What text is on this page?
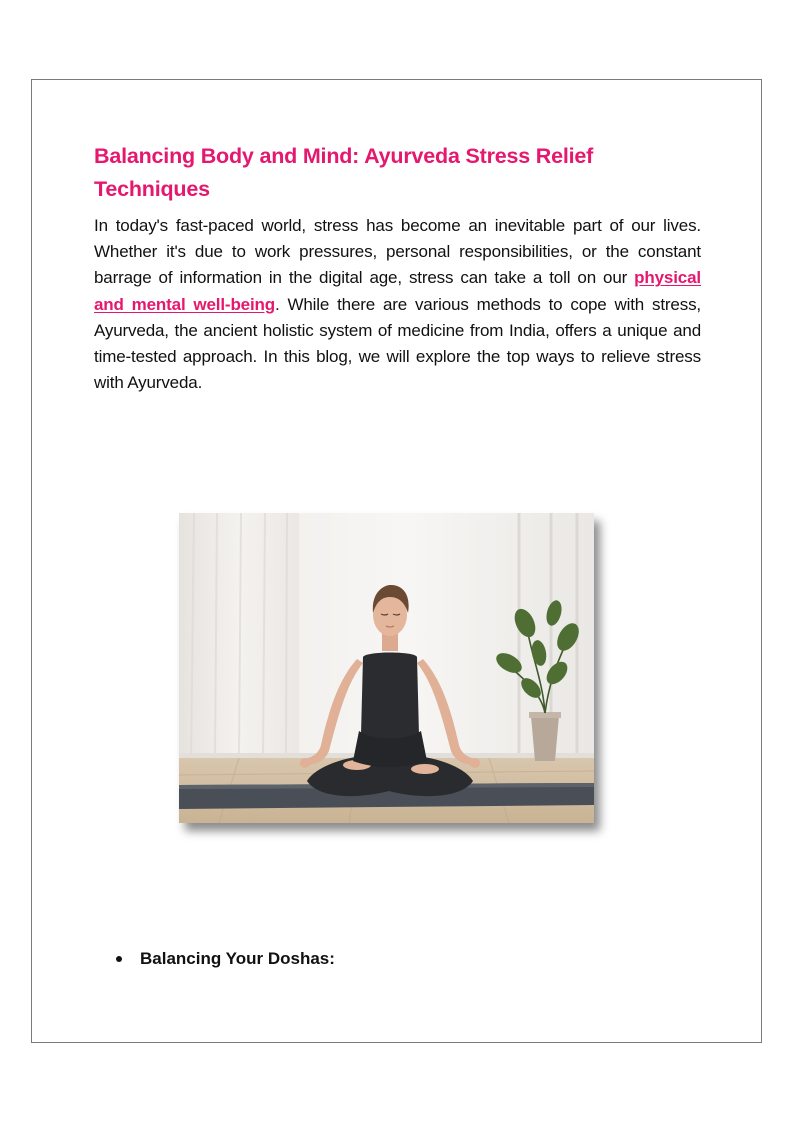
Balancing Body and Mind: Ayurveda Stress Relief Techniques

In today's fast-paced world, stress has become an inevitable part of our lives. Whether it's due to work pressures, personal responsibilities, or the constant barrage of information in the digital age, stress can take a toll on our physical and mental well-being. While there are various methods to cope with stress, Ayurveda, the ancient holistic system of medicine from India, offers a unique and time-tested approach. In this blog, we will explore the top ways to relieve stress with Ayurveda.

Balancing Your Doshas:
